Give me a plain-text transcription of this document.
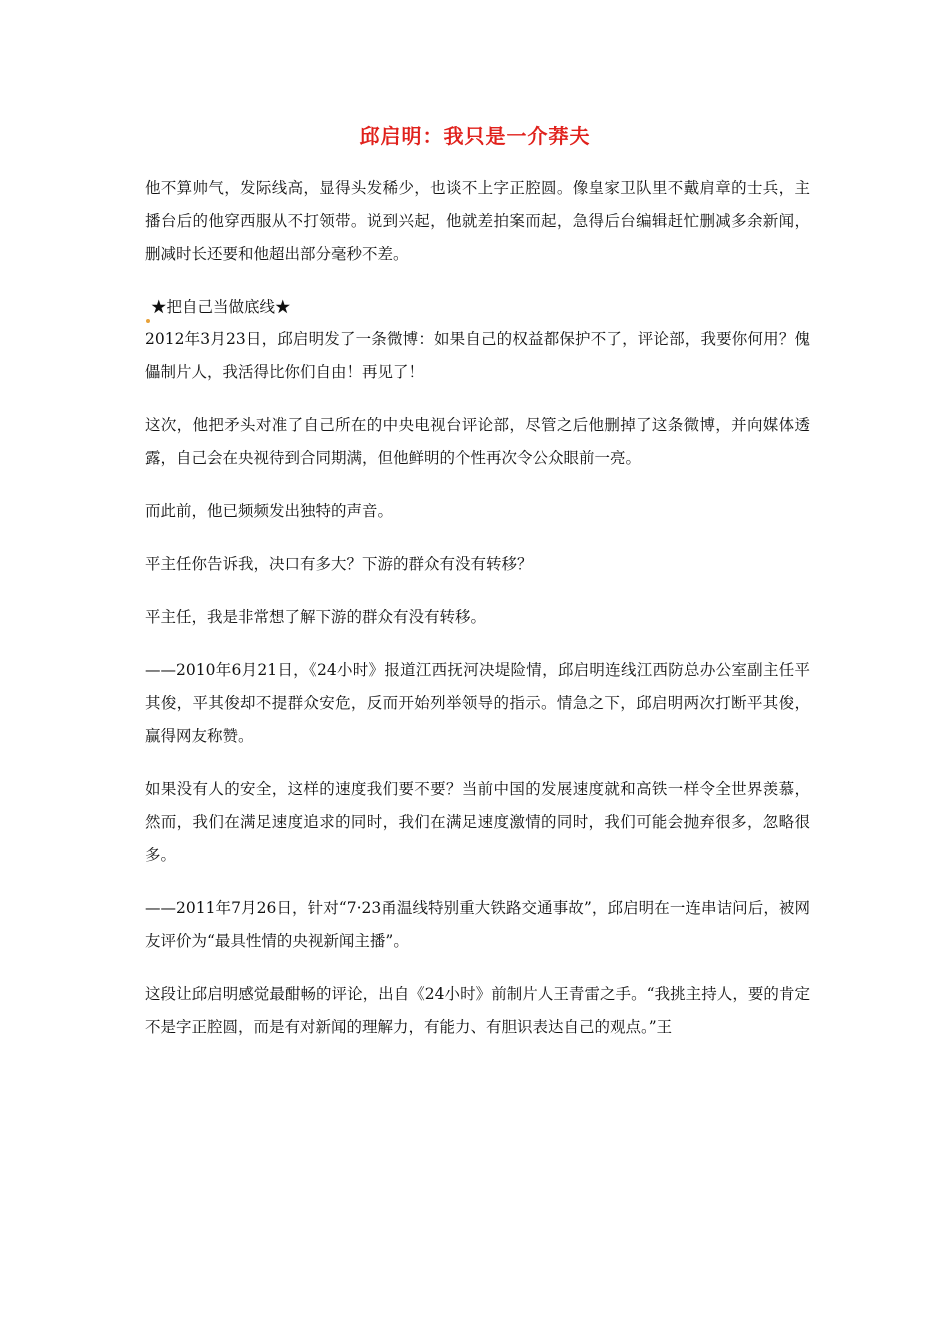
邱启明：我只是一介莽夫

他不算帅气，发际线高，显得头发稀少，也谈不上字正腔圆。像皇家卫队里不戴肩章的士兵，主播台后的他穿西服从不打领带。说到兴起，他就差拍案而起，急得后台编辑赶忙删减多余新闻，删减时长还要和他超出部分毫秒不差。

★把自己当做底线★

2012年3月23日，邱启明发了一条微博：如果自己的权益都保护不了，评论部，我要你何用？傀儡制片人，我活得比你们自由！再见了！

这次，他把矛头对准了自己所在的中央电视台评论部，尽管之后他删掉了这条微博，并向媒体透露，自己会在央视待到合同期满，但他鲜明的个性再次令公众眼前一亮。

而此前，他已频频发出独特的声音。

平主任你告诉我，决口有多大？下游的群众有没有转移？

平主任，我是非常想了解下游的群众有没有转移。

——2010年6月21日，《24小时》报道江西抚河决堤险情，邱启明连线江西防总办公室副主任平其俊，平其俊却不提群众安危，反而开始列举领导的指示。情急之下，邱启明两次打断平其俊，赢得网友称赞。

如果没有人的安全，这样的速度我们要不要？当前中国的发展速度就和高铁一样令全世界羡慕，然而，我们在满足速度追求的同时，我们在满足速度激情的同时，我们可能会抛弃很多，忽略很多。

——2011年7月26日，针对“7·23甬温线特别重大铁路交通事故”，邱启明在一连串诘问后，被网友评价为“最具性情的央视新闻主播”。

这段让邱启明感觉最酣畅的评论，出自《24小时》前制片人王青雷之手。“我挑主持人，要的肯定不是字正腔圆，而是有对新闻的理解力，有能力、有胆识表达自己的观点。”王
